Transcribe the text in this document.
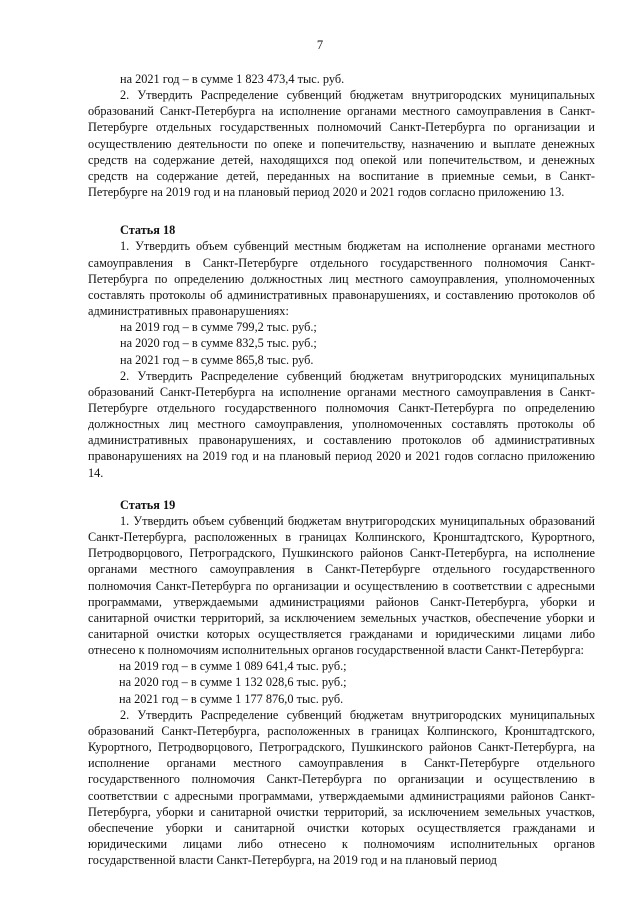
7

на 2021 год – в сумме 1 823 473,4 тыс. руб.

2. Утвердить Распределение субвенций бюджетам внутригородских муниципальных образований Санкт-Петербурга на исполнение органами местного самоуправления в Санкт-Петербурге отдельных государственных полномочий Санкт-Петербурга по организации и осуществлению деятельности по опеке и попечительству, назначению и выплате денежных средств на содержание детей, находящихся под опекой или попечительством, и денежных средств на содержание детей, переданных на воспитание в приемные семьи, в Санкт-Петербурге на 2019 год и на плановый период 2020 и 2021 годов согласно приложению 13.

Статья 18

1. Утвердить объем субвенций местным бюджетам на исполнение органами местного самоуправления в Санкт-Петербурге отдельного государственного полномочия Санкт-Петербурга по определению должностных лиц местного самоуправления, уполномоченных составлять протоколы об административных правонарушениях, и составлению протоколов об административных правонарушениях:

на 2019 год – в сумме 799,2 тыс. руб.;

на 2020 год – в сумме 832,5 тыс. руб.;

на 2021 год – в сумме 865,8 тыс. руб.

2. Утвердить Распределение субвенций бюджетам внутригородских муниципальных образований Санкт-Петербурга на исполнение органами местного самоуправления в Санкт-Петербурге отдельного государственного полномочия Санкт-Петербурга по определению должностных лиц местного самоуправления, уполномоченных составлять протоколы об административных правонарушениях, и составлению протоколов об административных правонарушениях на 2019 год и на плановый период 2020 и 2021 годов согласно приложению 14.

Статья 19

1. Утвердить объем субвенций бюджетам внутригородских муниципальных образований Санкт-Петербурга, расположенных в границах Колпинского, Кронштадтского, Курортного, Петродворцового, Петроградского, Пушкинского районов Санкт-Петербурга, на исполнение органами местного самоуправления в Санкт-Петербурге отдельного государственного полномочия Санкт-Петербурга по организации и осуществлению в соответствии с адресными программами, утверждаемыми администрациями районов Санкт-Петербурга, уборки и санитарной очистки территорий, за исключением земельных участков, обеспечение уборки и санитарной очистки которых осуществляется гражданами и юридическими лицами либо отнесено к полномочиям исполнительных органов государственной власти Санкт-Петербурга:

на 2019 год – в сумме 1 089 641,4 тыс. руб.;

на 2020 год – в сумме 1 132 028,6 тыс. руб.;

на 2021 год – в сумме 1 177 876,0 тыс. руб.

2. Утвердить Распределение субвенций бюджетам внутригородских муниципальных образований Санкт-Петербурга, расположенных в границах Колпинского, Кронштадтского, Курортного, Петродворцового, Петроградского, Пушкинского районов Санкт-Петербурга, на исполнение органами местного самоуправления в Санкт-Петербурге отдельного государственного полномочия Санкт-Петербурга по организации и осуществлению в соответствии с адресными программами, утверждаемыми администрациями районов Санкт-Петербурга, уборки и санитарной очистки территорий, за исключением земельных участков, обеспечение уборки и санитарной очистки которых осуществляется гражданами и юридическими лицами либо отнесено к полномочиям исполнительных органов государственной власти Санкт-Петербурга, на 2019 год и на плановый период
